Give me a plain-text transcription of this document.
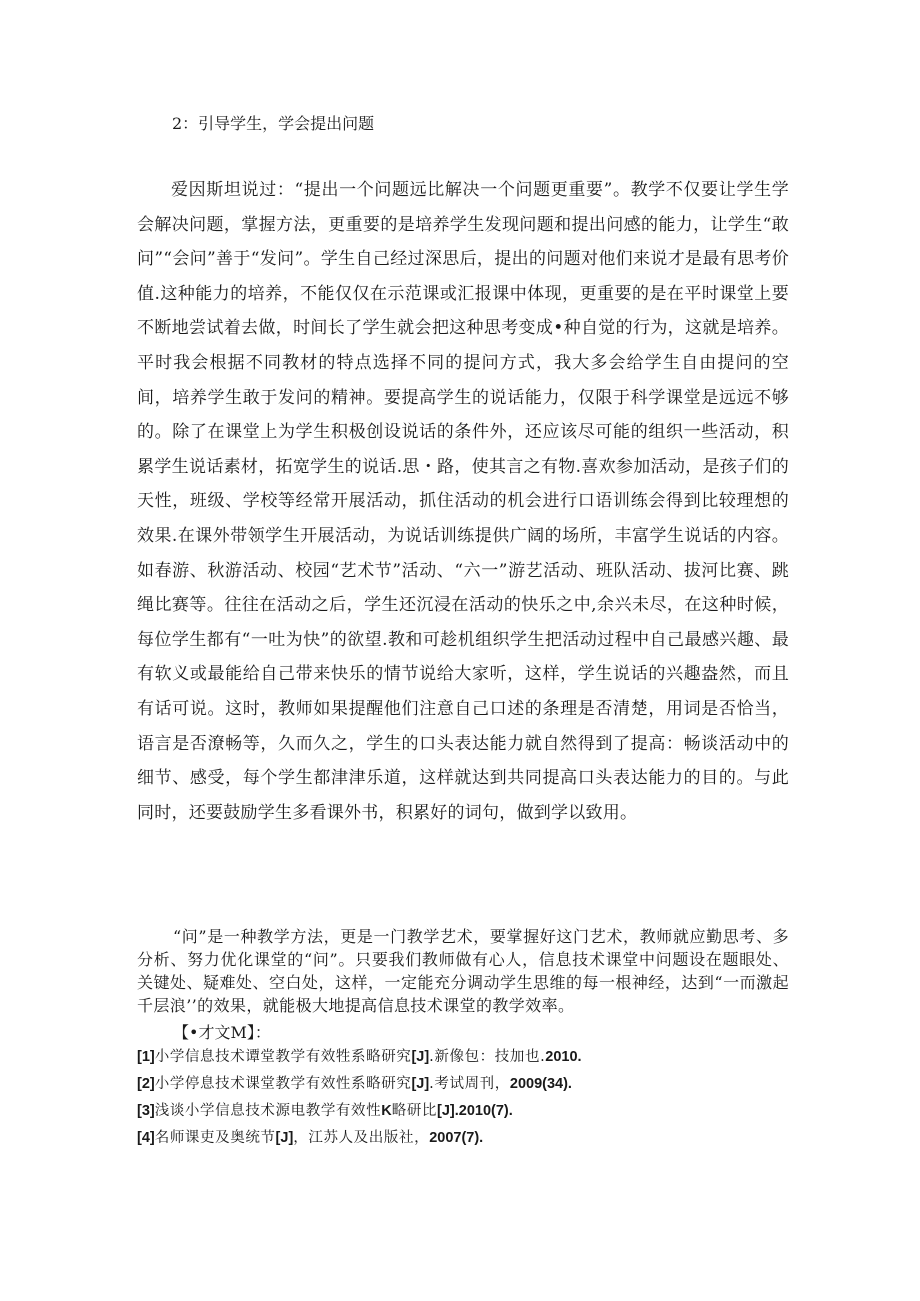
2：引导学生，学会提出问题

爱因斯坦说过：“提出一个问题远比解决一个问题更重要”。教学不仅要让学生学会解决问题，掌握方法，更重要的是培养学生发现问题和提出问感的能力，让学生“敢问”“会问”善于“发问”。学生自己经过深思后，提出的问题对他们来说才是最有思考价值.这种能力的培养，不能仅仅在示范课或汇报课中体现，更重要的是在平时课堂上要不断地尝试着去做，时间长了学生就会把这种思考变成•种自觉的行为，这就是培养。平时我会根据不同教材的特点选择不同的提问方式，我大多会给学生自由提问的空间，培养学生敢于发问的精神。要提高学生的说话能力，仅限于科学课堂是远远不够的。除了在课堂上为学生积极创设说话的条件外，还应该尽可能的组织一些活动，积累学生说话素材，拓宽学生的说话.思・路，使其言之有物.喜欢参加活动，是孩子们的天性，班级、学校等经常开展活动，抓住活动的机会进行口语训练会得到比较理想的效果.在课外带领学生开展活动，为说话训练提供广阔的场所，丰富学生说话的内容。如春游、秋游活动、校园“艺术节”活动、“六一”游艺活动、班队活动、拔河比赛、跳绳比赛等。往往在活动之后，学生还沉浸在活动的快乐之中,余兴未尽，在这种时候，每位学生都有“一吐为快”的欲望.教和可趁机组织学生把活动过程中自己最感兴趣、最有软义或最能给自己带来快乐的情节说给大家听，这样，学生说话的兴趣盎然，而且有话可说。这时，教师如果提醒他们注意自己口述的条理是否清楚，用词是否恰当，语言是否潦畅等，久而久之，学生的口头表达能力就自然得到了提高：畅谈活动中的细节、感受，每个学生都津津乐道，这样就达到共同提高口头表达能力的目的。与此同时，还要鼓励学生多看课外书，积累好的词句，做到学以致用。

“问”是一种教学方法，更是一门教学艺术，要掌握好这门艺术，教师就应勤思考、多分析、努力优化课堂的“问”。只要我们教师做有心人，信息技术课堂中问题设在题眼处、关键处、疑难处、空白处，这样，一定能充分调动学生思维的每一根神经，达到“一而激起千层浪’’的效果，就能极大地提高信息技术课堂的教学效率。

【•才文M】：
[1]小学信息技术谭堂教学有效牲系略研究[J].新像包：技加也.2010.
[2]小学停息技术课堂教学有效性系略研究[J].考试周刊，2009(34).
[3]浅谈小学信息技术源电教学有效性K略研比[J].2010(7).
[4]名师课吏及奥统节[J]，江苏人及出版社，2007(7).
